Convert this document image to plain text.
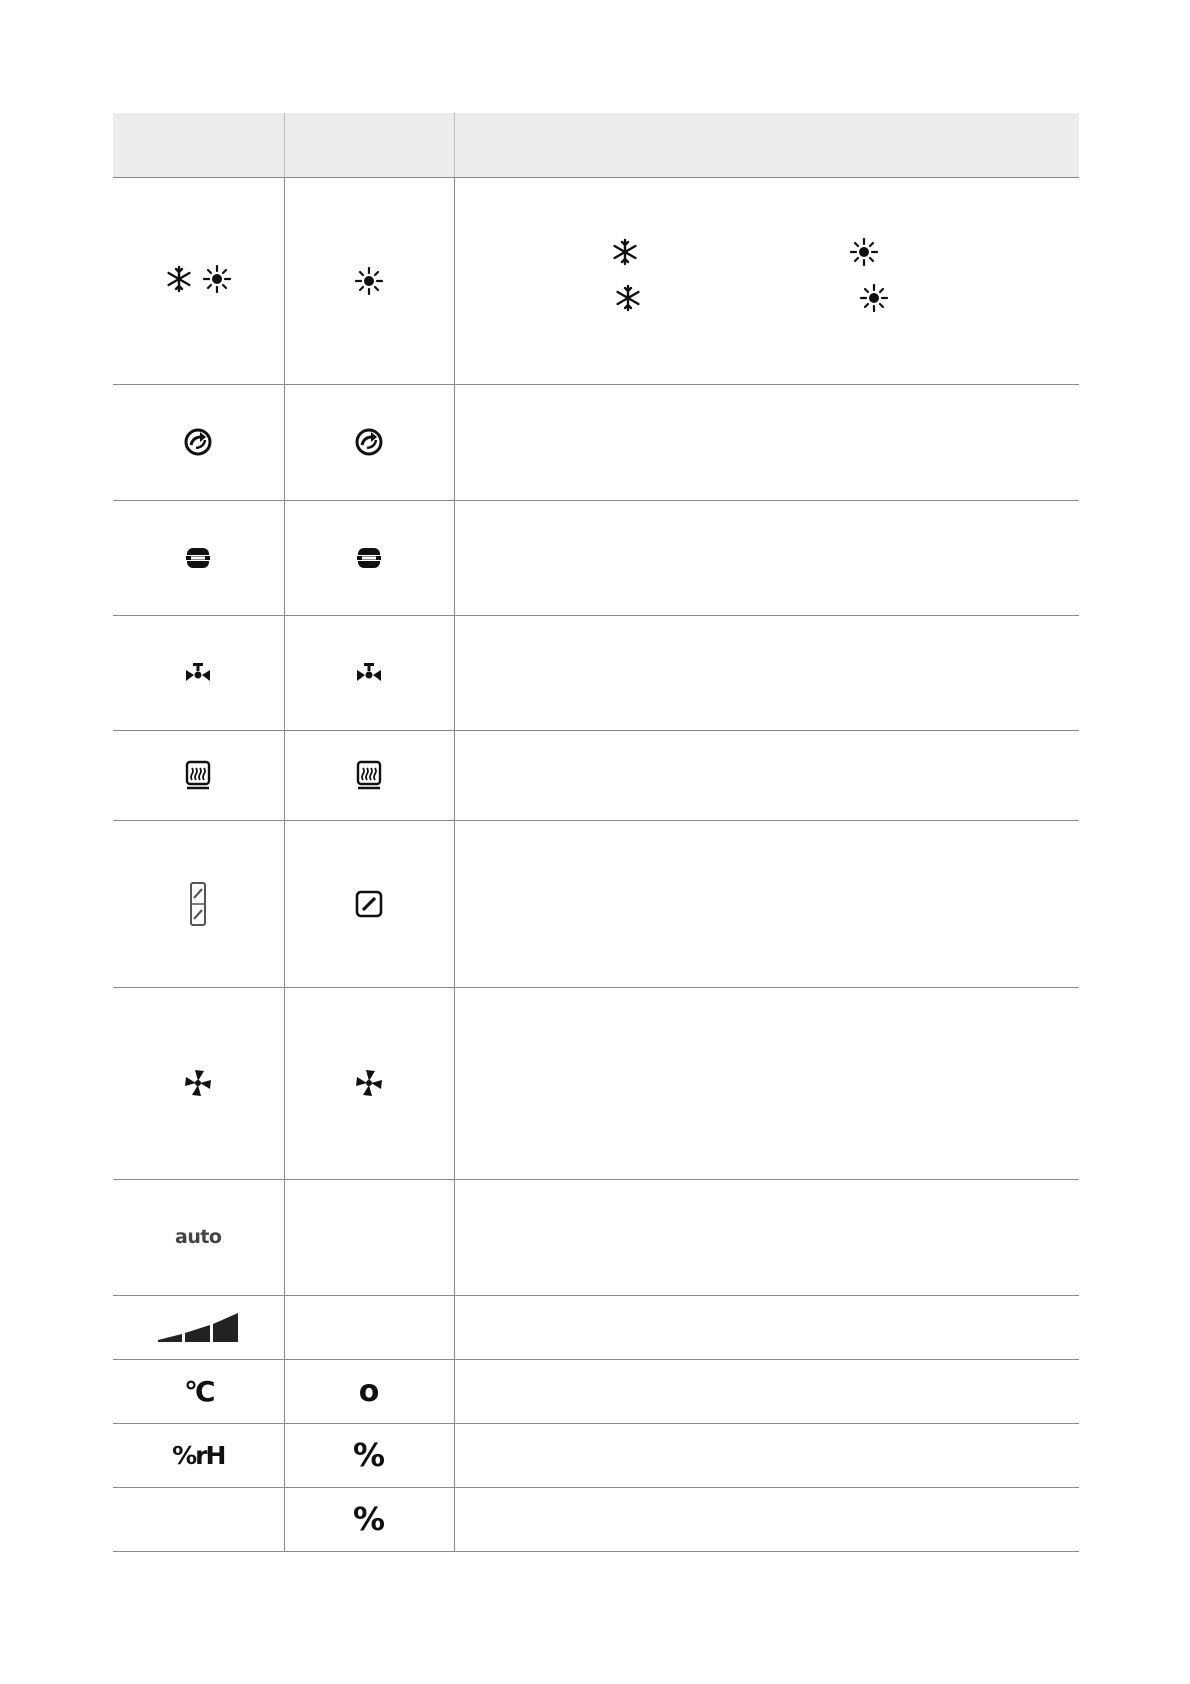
auto		

°C	o	
%rH	%	
	%	
